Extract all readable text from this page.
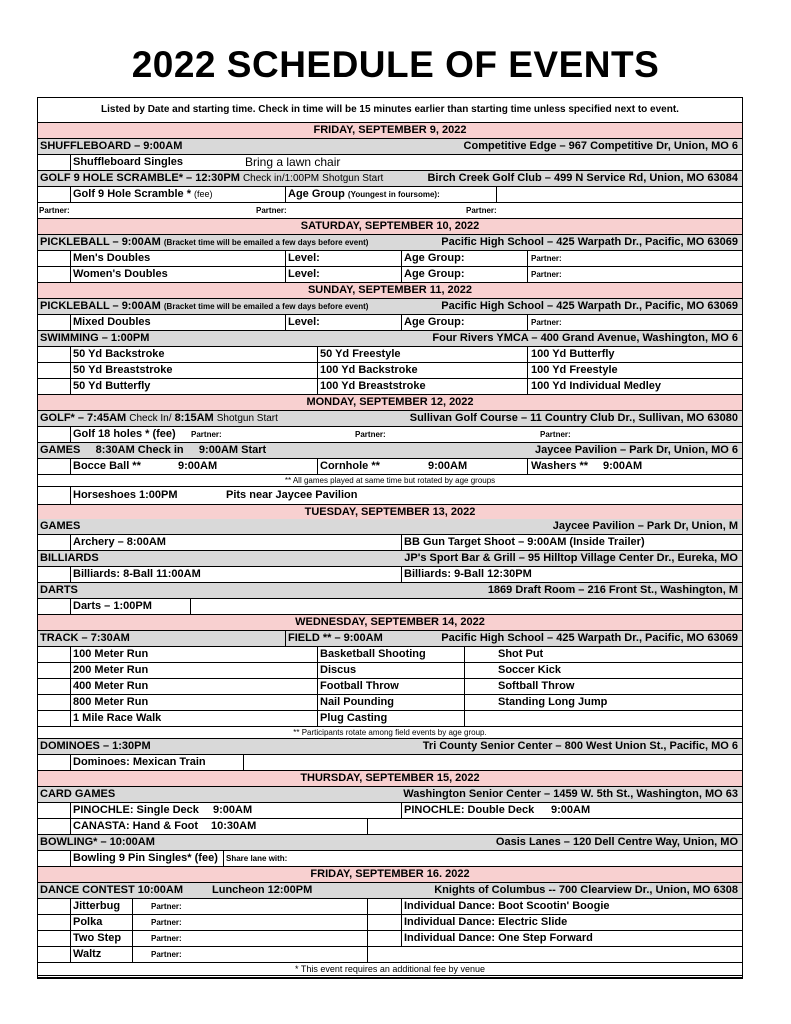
2022 SCHEDULE OF EVENTS
Listed by Date and starting time. Check in time will be 15 minutes earlier than starting time unless specified next to event.
FRIDAY, SEPTEMBER 9, 2022
SHUFFLEBOARD – 9:00AM	Competitive Edge – 967 Competitive Dr, Union, MO 6
Shuffleboard Singles	Bring a lawn chair
GOLF 9 HOLE SCRAMBLE* – 12:30PM Check in/1:00PM Shotgun Start	Birch Creek Golf Club – 499 N Service Rd, Union, MO 63084
Golf 9 Hole Scramble * (fee)	Age Group (Youngest in foursome):
Partner:	Partner:	Partner:
SATURDAY, SEPTEMBER 10, 2022
PICKLEBALL – 9:00AM (Bracket time will be emailed a few days before event)	Pacific High School – 425 Warpath Dr., Pacific, MO 63069
Men's Doubles	Level:	Age Group:	Partner:
Women's Doubles	Level:	Age Group:	Partner:
SUNDAY, SEPTEMBER 11, 2022
PICKLEBALL – 9:00AM (Bracket time will be emailed a few days before event)	Pacific High School – 425 Warpath Dr., Pacific, MO 63069
Mixed Doubles	Level:	Age Group:	Partner:
SWIMMING – 1:00PM	Four Rivers YMCA – 400 Grand Avenue, Washington, MO 6
50 Yd Backstroke	50 Yd Freestyle	100 Yd Butterfly
50 Yd Breaststroke	100 Yd Backstroke	100 Yd Freestyle
50 Yd Butterfly	100 Yd Breaststroke	100 Yd Individual Medley
MONDAY, SEPTEMBER 12, 2022
GOLF* – 7:45AM Check In/ 8:15AM Shotgun Start	Sullivan Golf Course – 11 Country Club Dr., Sullivan, MO 63080
Golf 18 holes * (fee) Partner:	Partner:	Partner:
GAMES     8:30AM Check in     9:00AM Start	Jaycee Pavilion – Park Dr, Union, MO 6
Bocce Ball **	9:00AM	Cornhole **	9:00AM	Washers ** 9:00AM
** All games played at same time but rotated by age groups
Horseshoes 1:00PM	Pits near Jaycee Pavilion
TUESDAY, SEPTEMBER 13, 2022
GAMES	Jaycee Pavilion – Park Dr, Union, M
Archery – 8:00AM	BB Gun Target Shoot – 9:00AM (Inside Trailer)
BILLIARDS	JP's Sport Bar & Grill – 95 Hilltop Village Center Dr., Eureka, MO
Billiards: 8-Ball 11:00AM	Billiards: 9-Ball 12:30PM
DARTS	1869 Draft Room – 216 Front St., Washington, M
Darts – 1:00PM
WEDNESDAY, SEPTEMBER 14, 2022
TRACK – 7:30AM	FIELD ** – 9:00AM	Pacific High School – 425 Warpath Dr., Pacific, MO 63069
100 Meter Run	Basketball Shooting	Shot Put
200 Meter Run	Discus	Soccer Kick
400 Meter Run	Football Throw	Softball Throw
800 Meter Run	Nail Pounding	Standing Long Jump
1 Mile Race Walk	Plug Casting
** Participants rotate among field events by age group.
DOMINOES – 1:30PM	Tri County Senior Center – 800 West Union St., Pacific, MO 6
Dominoes: Mexican Train
THURSDAY, SEPTEMBER 15, 2022
CARD GAMES	Washington Senior Center – 1459 W. 5th St., Washington, MO 63
PINOCHLE: Single Deck 9:00AM	PINOCHLE: Double Deck 9:00AM
CANASTA: Hand & Foot 10:30AM
BOWLING* – 10:00AM	Oasis Lanes – 120 Dell Centre Way, Union, MO
Bowling 9 Pin Singles* (fee) Share lane with:
FRIDAY, SEPTEMBER 16. 2022
DANCE CONTEST 10:00AM	Luncheon 12:00PM	Knights of Columbus -- 700 Clearview Dr., Union, MO 6308
Jitterbug	Partner:	Individual Dance: Boot Scootin' Boogie
Polka	Partner:	Individual Dance: Electric Slide
Two Step	Partner:	Individual Dance: One Step Forward
Waltz	Partner:
* This event requires an additional fee by venue
